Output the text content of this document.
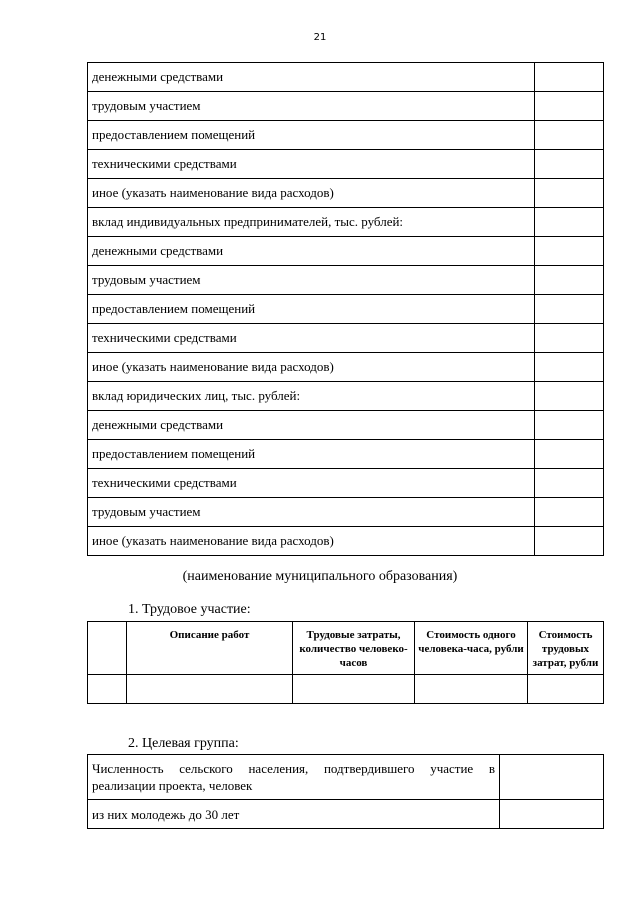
21
денежными средствами	
трудовым участием	
предоставлением помещений	
техническими средствами	
иное (указать наименование вида расходов)	
вклад индивидуальных предпринимателей, тыс. рублей:	
денежными средствами	
трудовым участием	
предоставлением помещений	
техническими средствами	
иное (указать наименование вида расходов)	
вклад юридических лиц, тыс. рублей:	
денежными средствами	
предоставлением помещений	
техническими средствами	
трудовым участием	
иное (указать наименование вида расходов)	
(наименование муниципального образования)
1. Трудовое участие:
	Описание работ	Трудовые затраты, количество человеко-часов	Стоимость одного человека-часа, рубли	Стоимость трудовых затрат, рубли

2. Целевая группа:
Численность сельского населения, подтвердившего участие в реализации проекта, человек	
из них молодежь до 30 лет	
